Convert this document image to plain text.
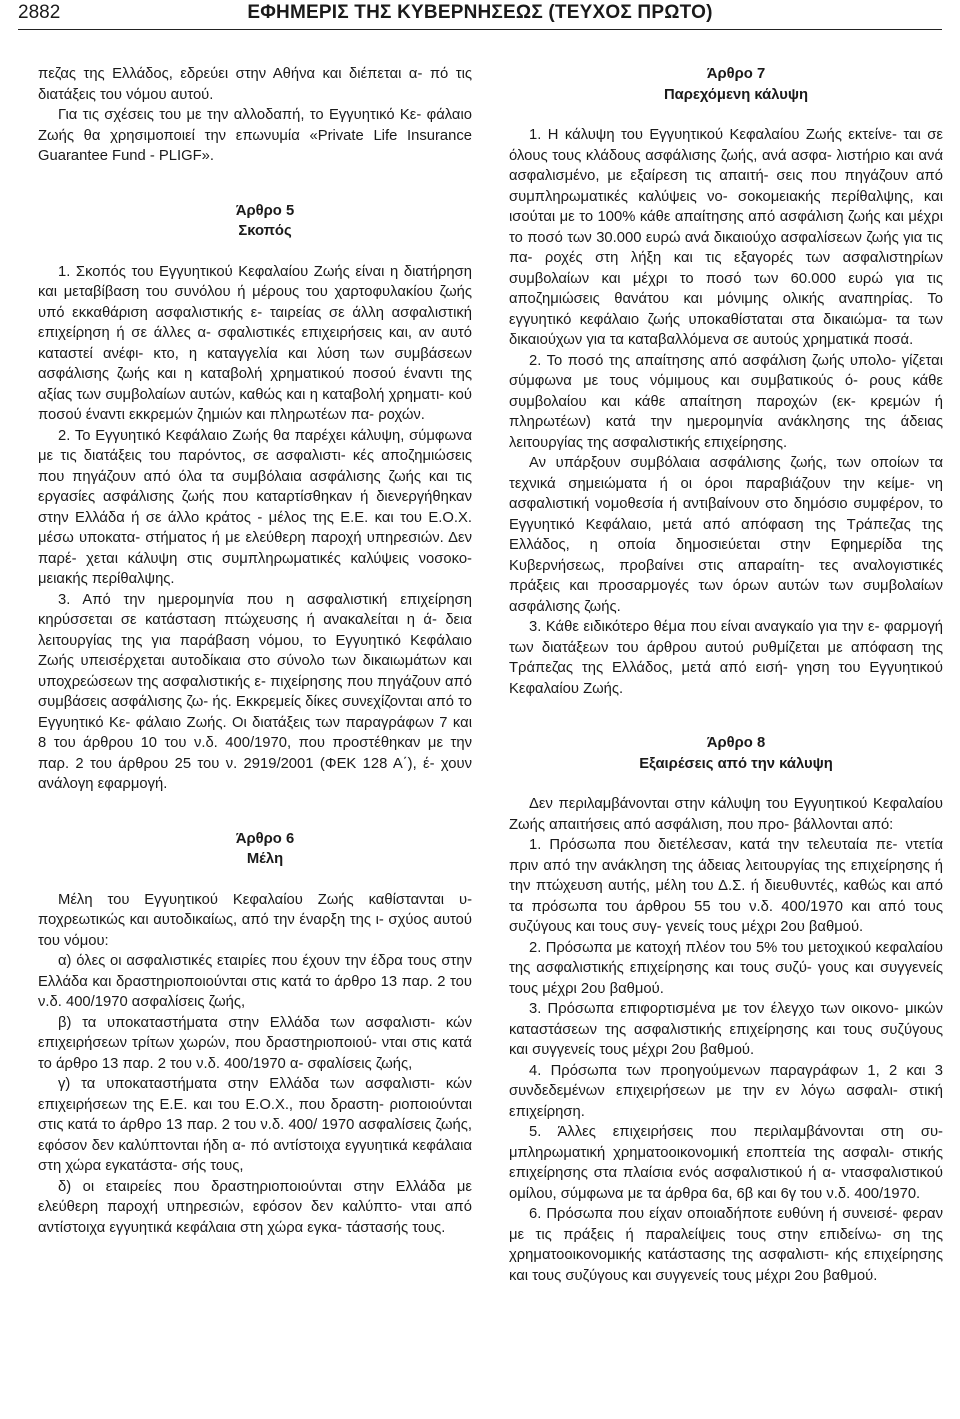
2882	ΕΦΗΜΕΡΙΣ ΤΗΣ ΚΥΒΕΡΝΗΣΕΩΣ (ΤΕΥΧΟΣ ΠΡΩΤΟ)

πεζας της Ελλάδος, εδρεύει στην Αθήνα και διέπεται α- πό τις διατάξεις του νόμου αυτού.

Για τις σχέσεις του με την αλλοδαπή, το Εγγυητικό Κε- φάλαιο Ζωής θα χρησιμοποιεί την επωνυμία «Private Life Insurance Guarantee Fund - PLIGF».

Άρθρο 5

Σκοπός

1. Σκοπός του Εγγυητικού Κεφαλαίου Ζωής είναι η διατήρηση και μεταβίβαση του συνόλου ή μέρους του χαρτοφυλακίου ζωής υπό εκκαθάριση ασφαλιστικής ε- ταιρείας σε άλλη ασφαλιστική επιχείρηση ή σε άλλες α- σφαλιστικές επιχειρήσεις και, αν αυτό καταστεί ανέφι- κτο, η καταγγελία και λύση των συμβάσεων ασφάλισης ζωής και η καταβολή χρηματικού ποσού έναντι της αξίας των συμβολαίων αυτών, καθώς και η καταβολή χρηματι- κού ποσού έναντι εκκρεμών ζημιών και πληρωτέων πα- ροχών.

2. Το Εγγυητικό Κεφάλαιο Ζωής θα παρέχει κάλυψη, σύμφωνα με τις διατάξεις του παρόντος, σε ασφαλιστι- κές αποζημιώσεις που πηγάζουν από όλα τα συμβόλαια ασφάλισης ζωής και τις εργασίες ασφάλισης ζωής που καταρτίσθηκαν ή διενεργήθηκαν στην Ελλάδα ή σε άλλο κράτος - μέλος της Ε.Ε. και του Ε.Ο.Χ. μέσω υποκατα- στήματος ή με ελεύθερη παροχή υπηρεσιών. Δεν παρέ- χεται κάλυψη στις συμπληρωματικές καλύψεις νοσοκο- μειακής περίθαλψης.

3. Από την ημερομηνία που η ασφαλιστική επιχείρηση κηρύσσεται σε κατάσταση πτώχευσης ή ανακαλείται η ά- δεια λειτουργίας της για παράβαση νόμου, το Εγγυητικό Κεφάλαιο Ζωής υπεισέρχεται αυτοδίκαια στο σύνολο των δικαιωμάτων και υποχρεώσεων της ασφαλιστικής ε- πιχείρησης που πηγάζουν από συμβάσεις ασφάλισης ζω- ής. Εκκρεμείς δίκες συνεχίζονται από το Εγγυητικό Κε- φάλαιο Ζωής. Οι διατάξεις των παραγράφων 7 και 8 του άρθρου 10 του ν.δ. 400/1970, που προστέθηκαν με την παρ. 2 του άρθρου 25 του ν. 2919/2001 (ΦΕΚ 128 Α΄), έ- χουν ανάλογη εφαρμογή.

Άρθρο 6

Μέλη

Μέλη του Εγγυητικού Κεφαλαίου Ζωής καθίστανται υ- ποχρεωτικώς και αυτοδικαίως, από την έναρξη της ι- σχύος αυτού του νόμου:

α) όλες οι ασφαλιστικές εταιρίες που έχουν την έδρα τους στην Ελλάδα και δραστηριοποιούνται στις κατά το άρθρο 13 παρ. 2 του ν.δ. 400/1970 ασφαλίσεις ζωής,

β) τα υποκαταστήματα στην Ελλάδα των ασφαλιστι- κών επιχειρήσεων τρίτων χωρών, που δραστηριοποιού- νται στις κατά το άρθρο 13 παρ. 2 του ν.δ. 400/1970 α- σφαλίσεις ζωής,

γ) τα υποκαταστήματα στην Ελλάδα των ασφαλιστι- κών επιχειρήσεων της Ε.Ε. και του Ε.Ο.Χ., που δραστη- ριοποιούνται στις κατά το άρθρο 13 παρ. 2 του ν.δ. 400/ 1970 ασφαλίσεις ζωής, εφόσον δεν καλύπτονται ήδη α- πό αντίστοιχα εγγυητικά κεφάλαια στη χώρα εγκατάστα- σής τους,

δ) οι εταιρείες που δραστηριοποιούνται στην Ελλάδα με ελεύθερη παροχή υπηρεσιών, εφόσον δεν καλύπτο- νται από αντίστοιχα εγγυητικά κεφάλαια στη χώρα εγκα- τάστασής τους.

Άρθρο 7

Παρεχόμενη κάλυψη

1. Η κάλυψη του Εγγυητικού Κεφαλαίου Ζωής εκτείνε- ται σε όλους τους κλάδους ασφάλισης ζωής, ανά ασφα- λιστήριο και ανά ασφαλισμένο, με εξαίρεση τις απαιτή- σεις που πηγάζουν από συμπληρωματικές καλύψεις νο- σοκομειακής περίθαλψης, και ισούται με το 100% κάθε απαίτησης από ασφάλιση ζωής και μέχρι το ποσό των 30.000 ευρώ ανά δικαιούχο ασφαλίσεων ζωής για τις πα- ροχές στη λήξη και τις εξαγορές των ασφαλιστηρίων συμβολαίων και μέχρι το ποσό των 60.000 ευρώ για τις αποζημιώσεις θανάτου και μόνιμης ολικής αναπηρίας. Το εγγυητικό κεφάλαιο ζωής υποκαθίσταται στα δικαιώμα- τα των δικαιούχων για τα καταβαλλόμενα σε αυτούς χρηματικά ποσά.

2. Το ποσό της απαίτησης από ασφάλιση ζωής υπολο- γίζεται σύμφωνα με τους νόμιμους και συμβατικούς ό- ρους κάθε συμβολαίου και κάθε απαίτηση παροχών (εκ- κρεμών ή πληρωτέων) κατά την ημερομηνία ανάκλησης της άδειας λειτουργίας της ασφαλιστικής επιχείρησης.

Αν υπάρξουν συμβόλαια ασφάλισης ζωής, των οποίων τα τεχνικά σημειώματα ή οι όροι παραβιάζουν την κείμε- νη ασφαλιστική νομοθεσία ή αντιβαίνουν στο δημόσιο συμφέρον, το Εγγυητικό Κεφάλαιο, μετά από απόφαση της Τράπεζας της Ελλάδος, η οποία δημοσιεύεται στην Εφημερίδα της Κυβερνήσεως, προβαίνει στις απαραίτη- τες αναλογιστικές πράξεις και προσαρμογές των όρων αυτών των συμβολαίων ασφάλισης ζωής.

3. Κάθε ειδικότερο θέμα που είναι αναγκαίο για την ε- φαρμογή των διατάξεων του άρθρου αυτού ρυθμίζεται με απόφαση της Τράπεζας της Ελλάδος, μετά από εισή- γηση του Εγγυητικού Κεφαλαίου Ζωής.

Άρθρο 8

Εξαιρέσεις από την κάλυψη

Δεν περιλαμβάνονται στην κάλυψη του Εγγυητικού Κεφαλαίου Ζωής απαιτήσεις από ασφάλιση, που προ- βάλλονται από:

1. Πρόσωπα που διετέλεσαν, κατά την τελευταία πε- ντετία πριν από την ανάκληση της άδειας λειτουργίας της επιχείρησης ή την πτώχευση αυτής, μέλη του Δ.Σ. ή διευθυντές, καθώς και από τα πρόσωπα του άρθρου 55 του ν.δ. 400/1970 και από τους συζύγους και τους συγ- γενείς τους μέχρι 2ου βαθμού.

2. Πρόσωπα με κατοχή πλέον του 5% του μετοχικού κεφαλαίου της ασφαλιστικής επιχείρησης και τους συζύ- γους και συγγενείς τους μέχρι 2ου βαθμού.

3. Πρόσωπα επιφορτισμένα με τον έλεγχο των οικονο- μικών καταστάσεων της ασφαλιστικής επιχείρησης και τους συζύγους και συγγενείς τους μέχρι 2ου βαθμού.

4. Πρόσωπα των προηγούμενων παραγράφων 1, 2 και 3 συνδεδεμένων επιχειρήσεων με την εν λόγω ασφαλι- στική επιχείρηση.

5. Άλλες επιχειρήσεις που περιλαμβάνονται στη συ- μπληρωματική χρηματοοικονομική εποπτεία της ασφαλι- στικής επιχείρησης στα πλαίσια ενός ασφαλιστικού ή α- ντασφαλιστικού ομίλου, σύμφωνα με τα άρθρα 6α, 6β και 6γ του ν.δ. 400/1970.

6. Πρόσωπα που είχαν οποιαδήποτε ευθύνη ή συνεισέ- φεραν με τις πράξεις ή παραλείψεις τους στην επιδείνω- ση της χρηματοοικονομικής κατάστασης της ασφαλιστι- κής επιχείρησης και τους συζύγους και συγγενείς τους μέχρι 2ου βαθμού.
